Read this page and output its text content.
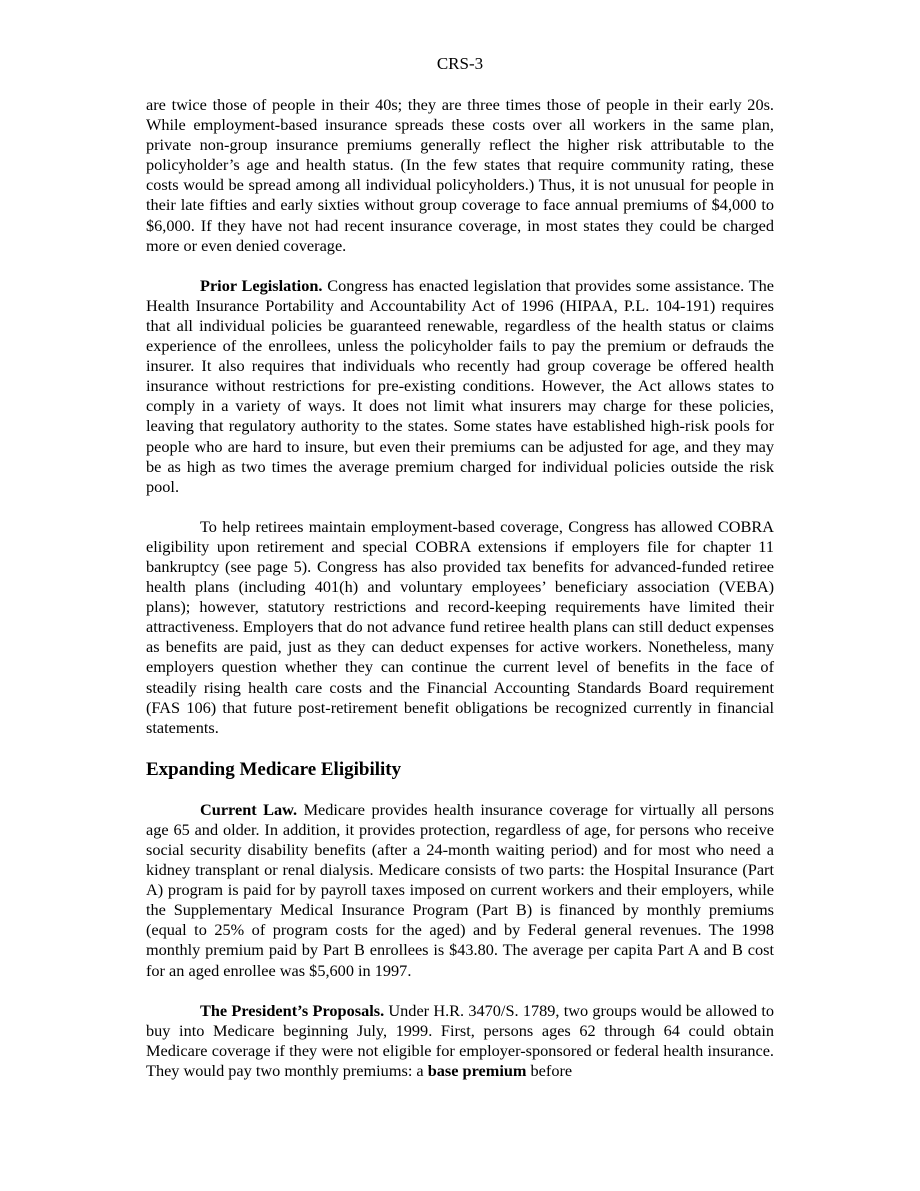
CRS-3

are twice those of people in their 40s; they are three times those of people in their early 20s. While employment-based insurance spreads these costs over all workers in the same plan, private non-group insurance premiums generally reflect the higher risk attributable to the policyholder’s age and health status. (In the few states that require community rating, these costs would be spread among all individual policyholders.) Thus, it is not unusual for people in their late fifties and early sixties without group coverage to face annual premiums of $4,000 to $6,000. If they have not had recent insurance coverage, in most states they could be charged more or even denied coverage.

Prior Legislation. Congress has enacted legislation that provides some assistance. The Health Insurance Portability and Accountability Act of 1996 (HIPAA, P.L. 104-191) requires that all individual policies be guaranteed renewable, regardless of the health status or claims experience of the enrollees, unless the policyholder fails to pay the premium or defrauds the insurer. It also requires that individuals who recently had group coverage be offered health insurance without restrictions for pre-existing conditions. However, the Act allows states to comply in a variety of ways. It does not limit what insurers may charge for these policies, leaving that regulatory authority to the states. Some states have established high-risk pools for people who are hard to insure, but even their premiums can be adjusted for age, and they may be as high as two times the average premium charged for individual policies outside the risk pool.

To help retirees maintain employment-based coverage, Congress has allowed COBRA eligibility upon retirement and special COBRA extensions if employers file for chapter 11 bankruptcy (see page 5). Congress has also provided tax benefits for advanced-funded retiree health plans (including 401(h) and voluntary employees’ beneficiary association (VEBA) plans); however, statutory restrictions and record-keeping requirements have limited their attractiveness. Employers that do not advance fund retiree health plans can still deduct expenses as benefits are paid, just as they can deduct expenses for active workers. Nonetheless, many employers question whether they can continue the current level of benefits in the face of steadily rising health care costs and the Financial Accounting Standards Board requirement (FAS 106) that future post-retirement benefit obligations be recognized currently in financial statements.

Expanding Medicare Eligibility

Current Law. Medicare provides health insurance coverage for virtually all persons age 65 and older. In addition, it provides protection, regardless of age, for persons who receive social security disability benefits (after a 24-month waiting period) and for most who need a kidney transplant or renal dialysis. Medicare consists of two parts: the Hospital Insurance (Part A) program is paid for by payroll taxes imposed on current workers and their employers, while the Supplementary Medical Insurance Program (Part B) is financed by monthly premiums (equal to 25% of program costs for the aged) and by Federal general revenues. The 1998 monthly premium paid by Part B enrollees is $43.80. The average per capita Part A and B cost for an aged enrollee was $5,600 in 1997.

The President’s Proposals. Under H.R. 3470/S. 1789, two groups would be allowed to buy into Medicare beginning July, 1999. First, persons ages 62 through 64 could obtain Medicare coverage if they were not eligible for employer-sponsored or federal health insurance. They would pay two monthly premiums: a base premium before
